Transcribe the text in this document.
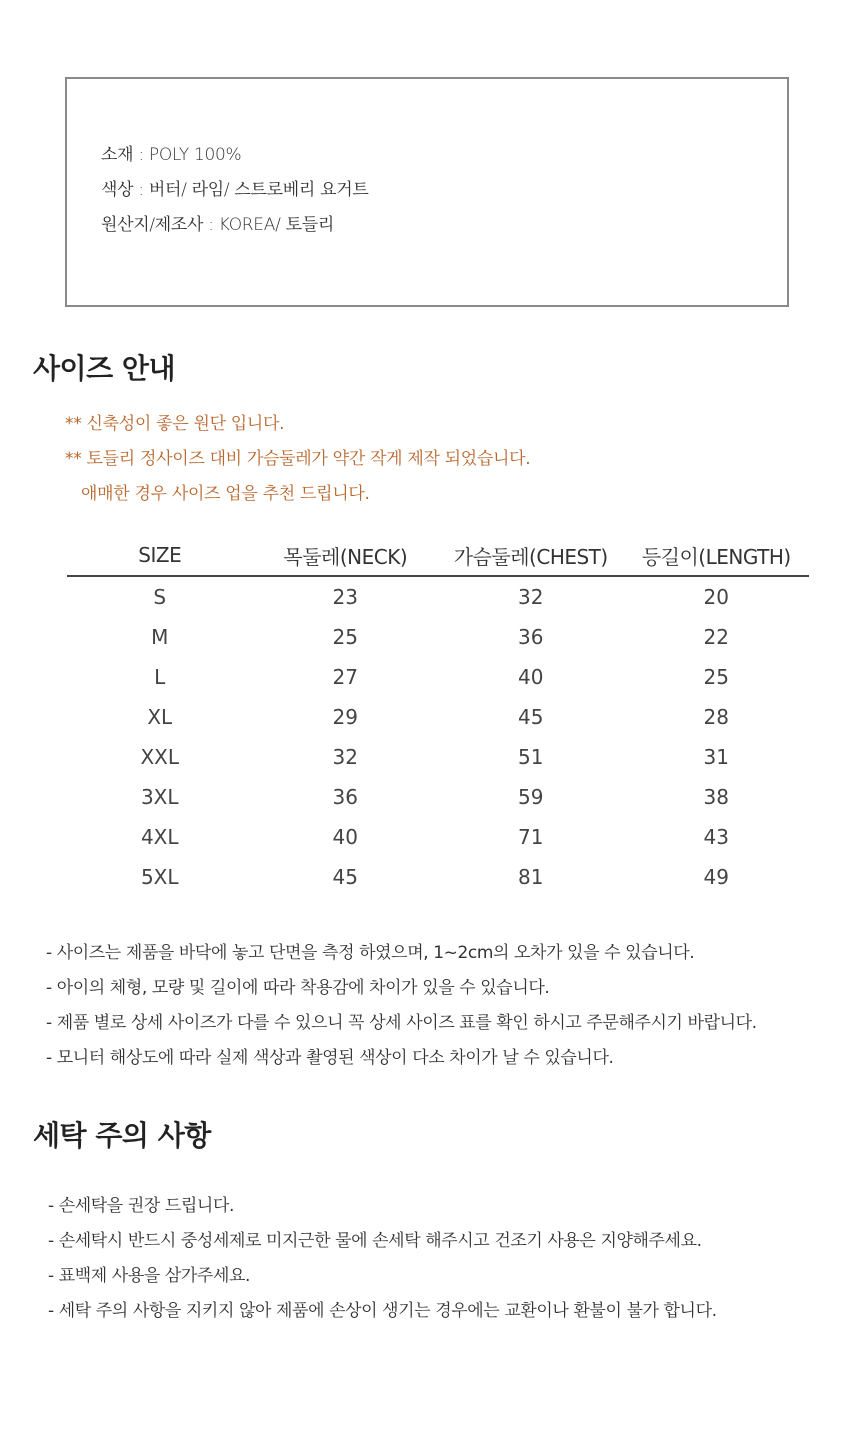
소재 : POLY 100%
색상 : 버터/ 라임/ 스트로베리 요거트
원산지/제조사 : KOREA/ 토들리
사이즈 안내
** 신축성이 좋은 원단 입니다.
** 토들리 정사이즈 대비 가슴둘레가 약간 작게 제작 되었습니다.
애매한 경우 사이즈 업을 추천 드립니다.
SIZE	목둘레(NECK)	가슴둘레(CHEST)	등길이(LENGTH)
S	23	32	20
M	25	36	22
L	27	40	25
XL	29	45	28
XXL	32	51	31
3XL	36	59	38
4XL	40	71	43
5XL	45	81	49
- 사이즈는 제품을 바닥에 놓고 단면을 측정 하였으며, 1~2cm의 오차가 있을 수 있습니다.
- 아이의 체형, 모량 및 길이에 따라 착용감에 차이가 있을 수 있습니다.
- 제품 별로 상세 사이즈가 다를 수 있으니 꼭 상세 사이즈 표를 확인 하시고 주문해주시기 바랍니다.
- 모니터 해상도에 따라 실제 색상과 촬영된 색상이 다소 차이가 날 수 있습니다.
세탁 주의 사항
- 손세탁을 권장 드립니다.
- 손세탁시 반드시 중성세제로 미지근한 물에 손세탁 해주시고 건조기 사용은 지양해주세요.
- 표백제 사용을 삼가주세요.
- 세탁 주의 사항을 지키지 않아 제품에 손상이 생기는 경우에는 교환이나 환불이 불가 합니다.
